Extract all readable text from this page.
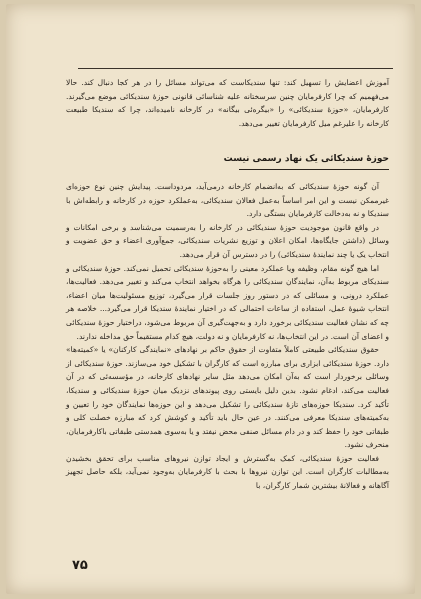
آموزش اعضایش را تسهیل کند: تنها سندیکاست که می‌تواند مسائل را در هر کجا دنبال کند. حالا می‌فهمیم که چرا کارفرمایان چنین سرسختانه علیه شناسائی قانونی حوزهٔ سندیکائی موضع می‌گیرند. کارفرمایان، «حوزهٔ سندیکائی» را «بیگره‌ئی بیگانه» در کارخانه نامیده‌اند، چرا که سندیکا طبیعت کارخانه را علیرغم میل کارفرمایان تغییر می‌دهد.

حوزهٔ سندیکائی یک نهاد رسمی نیست

آن گونه حوزهٔ سندیکائی که به‌انضمام کارخانه درمی‌آید، مردوداست. پیدایش چنین نوع حوزه‌ای غیرممکن نیست و این امر اساساً به‌عمل فعالان سندیکائی، به‌عملکرد حوزه در کارخانه و رابطه‌اش با سندیکا و نه به‌دخالت کارفرمایان بستگی دارد.

در واقع قانون موجودیت حوزهٔ سندیکائی در کارخانه را به‌رسمیت می‌شناسد و برخی امکانات و وسائل (داشتن جایگاه‌ها، امکان اعلان و توزیع نشریات سندیکائی، جمع‌آوری اعضاء و حق عضویت و انتخاب یک یا چند نمایندهٔ سندیکائی) را در دسترس آن قرار می‌دهد.

اما هیچ گونه مقام، وظیفه ویا عملکرد معینی را به‌حوزهٔ سندیکائی تحمیل نمی‌کند. حوزهٔ سندیکائی و سندیکای مربوط به‌آن، نمایندگان سندیکائی را هرگاه بخواهد انتخاب می‌کند و تغییر می‌دهد. فعالیت‌ها، عملکرد درونی، و مسائلی که در دستور روز جلسات قرار می‌گیرد، توزیع مسئولیت‌ها میان اعضاء، انتخاب شیوهٔ عمل، استفاده از ساعات احتمالی که در اختیار نمایندهٔ سندیکا قرار می‌گیرد... خلاصه هر چه که نشان فعالیت سندیکائی برخورد دارد و به‌جهت‌گیری آن مربوط می‌شود، دراختیار حوزهٔ سندیکائی و اعضای آن است. در این انتخاب‌ها، نه کارفرمایان و نه دولت، هیچ کدام مستقیماً حق مداخله ندارند.

حقوق سندیکائی طبیعتی کاملاً متفاوت از حقوق حاکم بر نهادهای «نمایندگی کارکنان» یا «کمیته‌ها» دارد. حوزهٔ سندیکائی ابزاری برای مبارزه است که کارگران با تشکیل خود می‌سازند. حوزهٔ سندیکائی از وسائلی برخوردار است که به‌آن امکان می‌دهد مثل سایر نهادهای کارخانه، در مؤسسه‌ئی که در آن فعالیت می‌کند، ادغام نشود. بدین دلیل بایستی روی پیوندهای نزدیک میان حوزهٔ سندیکائی و سندیکا، تأکید کرد. سندیکا حوزه‌های تازهٔ سندیکائی را تشکیل می‌دهد و این حوزه‌ها نمایندگان خود را تعیین و به‌کمیته‌های سندیکا معرفی می‌کنند. در عین حال باید تأکید و کوشش کرد که مبارزه خصلت کلی و طبقاتی خود را حفظ کند و در دام مسائل صنفی محض نیفتد و یا به‌سوی همدستی طبقاتی باکارفرمایان، منحرف نشود.

فعالیت حوزهٔ سندیکائی، کمک به‌گسترش و ایجاد توازن نیروهای مناسب برای تحقق بخشیدن به‌مطالبات کارگران است. این توازن نیروها با بحث با کارفرمایان به‌وجود نمی‌آید، بلکه حاصل تجهیز آگاهانه و فعالانهٔ بیشترین شمار کارگران، با

۷۵
